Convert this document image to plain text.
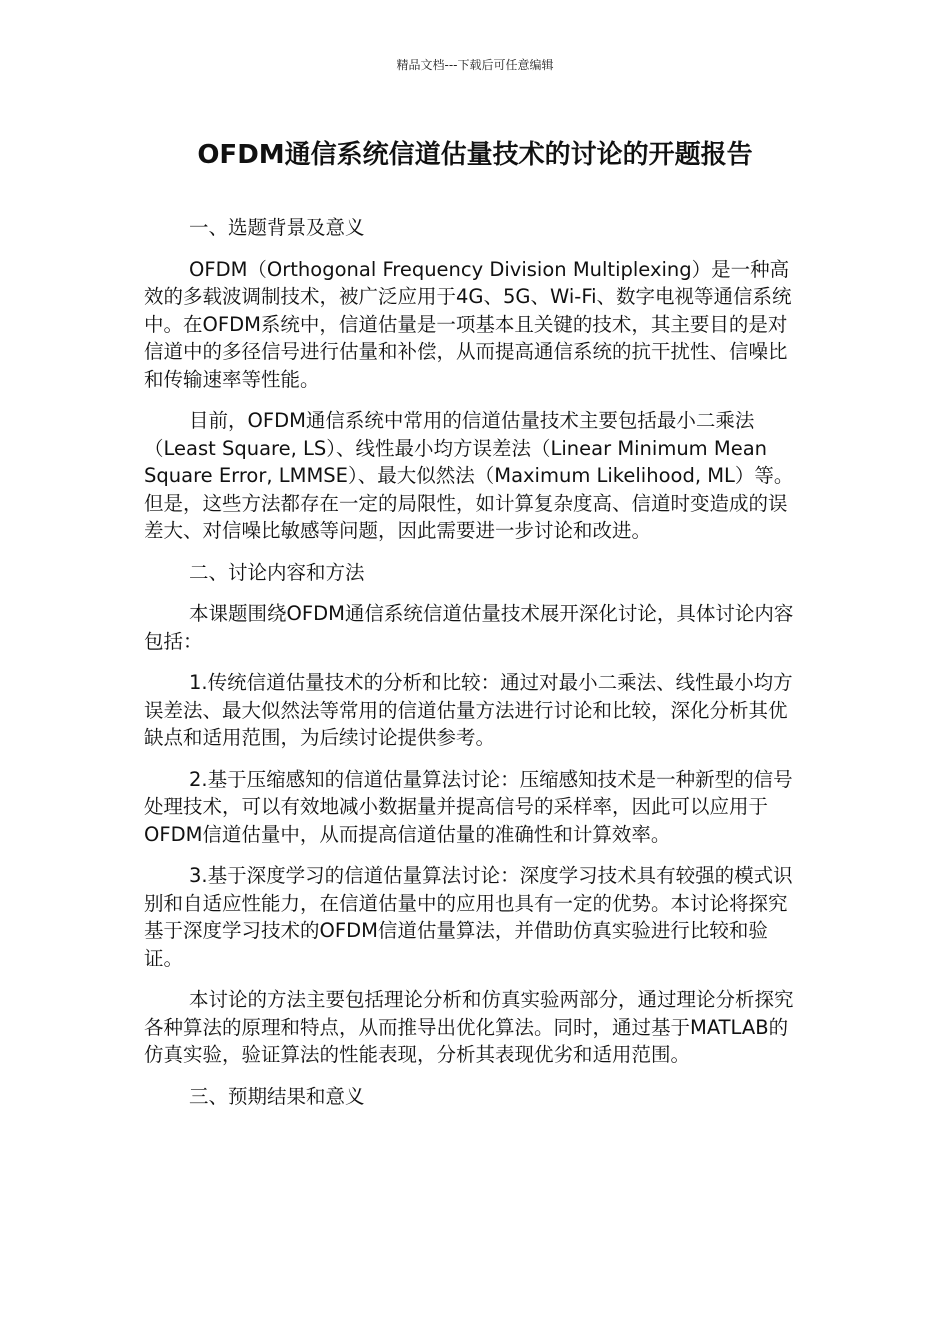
精品文档---下载后可任意编辑
OFDM通信系统信道估量技术的讨论的开题报告

一、选题背景及意义

OFDM（Orthogonal Frequency Division Multiplexing）是一种高效的多载波调制技术，被广泛应用于4G、5G、Wi-Fi、数字电视等通信系统中。在OFDM系统中，信道估量是一项基本且关键的技术，其主要目的是对信道中的多径信号进行估量和补偿，从而提高通信系统的抗干扰性、信噪比和传输速率等性能。

目前，OFDM通信系统中常用的信道估量技术主要包括最小二乘法（Least Square, LS）、线性最小均方误差法（Linear Minimum Mean Square Error, LMMSE）、最大似然法（Maximum Likelihood, ML）等。但是，这些方法都存在一定的局限性，如计算复杂度高、信道时变造成的误差大、对信噪比敏感等问题，因此需要进一步讨论和改进。

二、讨论内容和方法

本课题围绕OFDM通信系统信道估量技术展开深化讨论，具体讨论内容包括：

1.传统信道估量技术的分析和比较：通过对最小二乘法、线性最小均方误差法、最大似然法等常用的信道估量方法进行讨论和比较，深化分析其优缺点和适用范围，为后续讨论提供参考。

2.基于压缩感知的信道估量算法讨论：压缩感知技术是一种新型的信号处理技术，可以有效地减小数据量并提高信号的采样率，因此可以应用于OFDM信道估量中，从而提高信道估量的准确性和计算效率。

3.基于深度学习的信道估量算法讨论：深度学习技术具有较强的模式识别和自适应性能力，在信道估量中的应用也具有一定的优势。本讨论将探究基于深度学习技术的OFDM信道估量算法，并借助仿真实验进行比较和验证。

本讨论的方法主要包括理论分析和仿真实验两部分，通过理论分析探究各种算法的原理和特点，从而推导出优化算法。同时，通过基于MATLAB的仿真实验，验证算法的性能表现，分析其表现优劣和适用范围。

三、预期结果和意义
